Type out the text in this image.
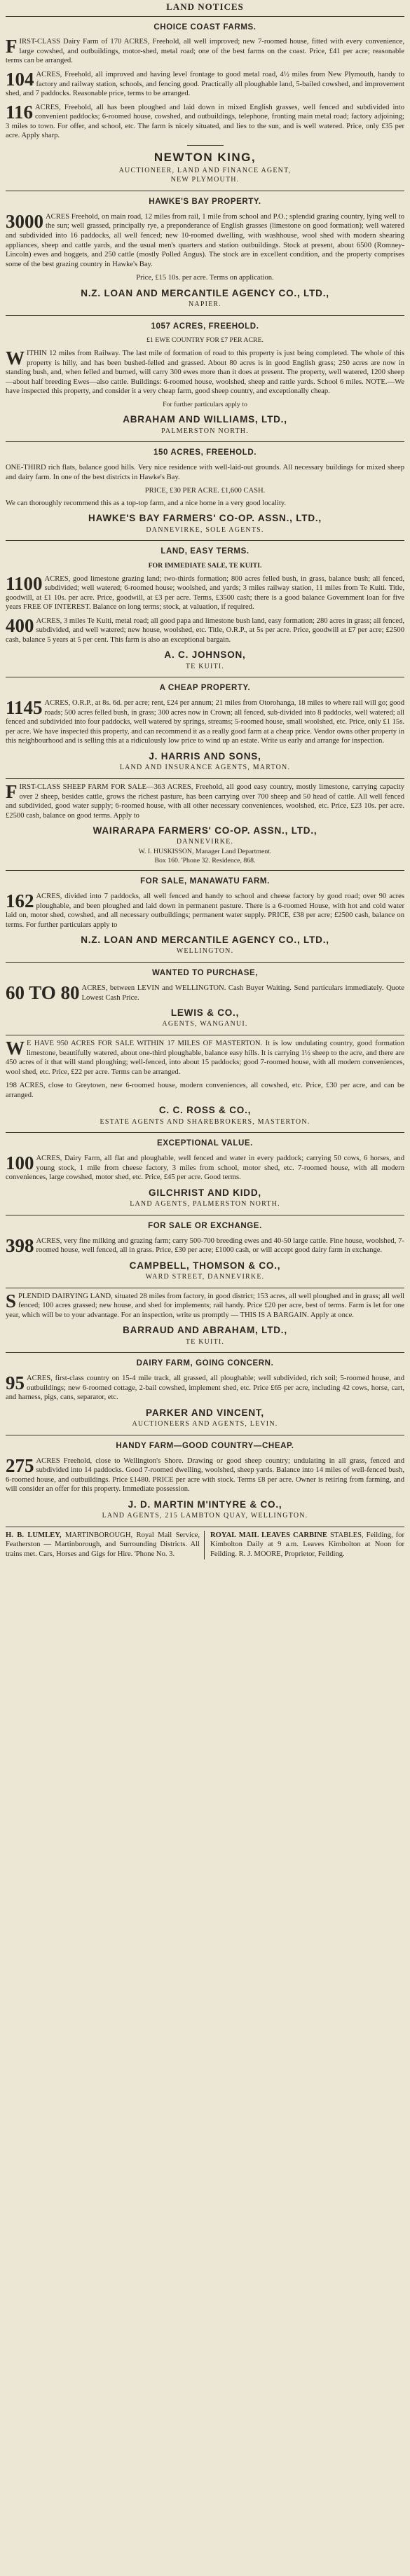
LAND NOTICES
CHOICE COAST FARMS.
FIRST-CLASS Dairy Farm of 170 ACRES, Freehold, all well improved; new 7-roomed house, fitted with every convenience, large cowshed, and outbuildings, motor-shed, metal road; one of the best farms on the coast. Price, £41 per acre; reasonable terms can be arranged.
104 ACRES, Freehold, all improved and having level frontage to good metal road, 4½ miles from New Plymouth, handy to factory and railway station, schools, and fencing good. Practically all ploughable land, 5-bailed cowshed, and improvement shed, and 7 paddocks. Reasonable price, terms to be arranged.
116 ACRES, Freehold, all has been ploughed and laid down in mixed English grasses, well fenced and subdivided into convenient paddocks; 6-roomed house, cowshed, and outbuildings, telephone, fronting main metal road; factory adjoining; 3 miles to town. For offer, and school, etc. The farm is nicely situated, and lies to the sun, and is well watered. Price, only £35 per acre. Apply sharp.
NEWTON KING,
AUCTIONEER, LAND AND FINANCE AGENT,
NEW PLYMOUTH.
HAWKE'S BAY PROPERTY.
3000 ACRES Freehold, on main road, 12 miles from rail, 1 mile from school and P.O.; splendid grazing country, lying well to the sun; well grassed, principally rye, a preponderance of English grasses (limestone on good formation); well watered and subdivided into 16 paddocks, all well fenced; new 10-roomed dwelling, with washhouse, wool shed with modern shearing appliances, sheep and cattle yards, and the usual men's quarters and station outbuildings. Stock at present, about 6500 (Romney-Lincoln) ewes and hoggets, and 250 cattle (mostly Polled Angus). The stock are in excellent condition, and the property comprises some of the best grazing country in Hawke's Bay.
Price, £15 10s. per acre. Terms on application.
N.Z. LOAN AND MERCANTILE AGENCY CO., LTD.,
NAPIER.
1057 ACRES, FREEHOLD.
£1 EWE COUNTRY FOR £7 PER ACRE.
WITHIN 12 miles from Railway. The last mile of formation of road to this property is just being completed. The whole of this property is hilly, and has been bushed-felled and grassed. About 80 acres is in good English grass; 250 acres are now in standing bush, and, when felled and burned, will carry 300 ewes more than it does at present. The property, well watered, 1200 sheep—about half breeding Ewes—also cattle. Buildings: 6-roomed house, woolshed, sheep and rattle yards. School 6 miles. NOTE.—We have inspected this property, and consider it a very cheap farm, good sheep country, and exceptionally cheap.
For further particulars apply to
ABRAHAM AND WILLIAMS, LTD.,
PALMERSTON NORTH.
150 ACRES, FREEHOLD.
ONE-THIRD rich flats, balance good hills. Very nice residence with well-laid-out grounds. All necessary buildings for mixed sheep and dairy farm. In one of the best districts in Hawke's Bay.
PRICE, £30 PER ACRE. £1,600 CASH.
We can thoroughly recommend this as a top-top farm, and a nice home in a very good locality.
HAWKE'S BAY FARMERS' CO-OP. ASSN., LTD.,
DANNEVIRKE, SOLE AGENTS.
LAND, EASY TERMS.
FOR IMMEDIATE SALE, TE KUITI.
1100 ACRES, good limestone grazing land; two-thirds formation; 800 acres felled bush, in grass, balance bush; all fenced, subdivided; well watered; 6-roomed house; woolshed, and yards; 3 miles railway station, 11 miles from Te Kuiti. Title, goodwill, at £1 10s. per acre. Price, goodwill, at £3 per acre. Terms, £3500 cash; there is a good balance Government loan for five years FREE OF INTEREST. Balance on long terms; stock, at valuation, if required.
400 ACRES, 3 miles Te Kuiti, metal road; all good papa and limestone bush land, easy formation; 280 acres in grass; all fenced, subdivided, and well watered; new house, woolshed, etc. Title, O.R.P., at 5s per acre. Price, goodwill at £7 per acre; £2500 cash, balance 5 years at 5 per cent. This farm is also an exceptional bargain.
A. C. JOHNSON,
TE KUITI.
A CHEAP PROPERTY.
1145 ACRES, O.R.P., at 8s. 6d. per acre; rent, £24 per annum; 21 miles from Otorohanga, 18 miles to where rail will go; good roads; 500 acres felled bush, in grass; 300 acres now in Crown; all fenced, sub-divided into 8 paddocks, well watered; all fenced and subdivided into four paddocks, well watered by springs, streams; 5-roomed house, small woolshed, etc. Price, only £1 15s. per acre. We have inspected this property, and can recommend it as a really good farm at a cheap price. Vendor owns other property in this neighbourhood and is selling this at a ridiculously low price to wind up an estate. Write us early and arrange for inspection.
J. HARRIS AND SONS,
LAND AND INSURANCE AGENTS, MARTON.
FIRST-CLASS SHEEP FARM FOR SALE—363 ACRES, Freehold, all good easy country, mostly limestone, carrying capacity over 2 sheep, besides cattle, grows the richest pasture, has been carrying over 700 sheep and 50 head of cattle. All well fenced and subdivided, good water supply; 6-roomed house, with all other necessary conveniences, woolshed, etc. Price, £23 10s. per acre. £2500 cash, balance on good terms. Apply to
WAIRARAPA FARMERS' CO-OP. ASSN., LTD.,
DANNEVIRKE.
W. I. HUSKISSON, Manager Land Department.
Box 160. 'Phone 32. Residence, 868.
FOR SALE, MANAWATU FARM.
162 ACRES, divided into 7 paddocks, all well fenced and handy to school and cheese factory by good road; over 90 acres ploughable, and been ploughed and laid down in permanent pasture. There is a 6-roomed House, with hot and cold water laid on, motor shed, cowshed, and all necessary outbuildings; permanent water supply. PRICE, £38 per acre; £2500 cash, balance on terms. For further particulars apply to
N.Z. LOAN AND MERCANTILE AGENCY CO., LTD.,
WELLINGTON.
WANTED TO PURCHASE,
60 TO 80 ACRES, between LEVIN and WELLINGTON. Cash Buyer Waiting. Send particulars immediately. Quote Lowest Cash Price.
LEWIS & CO.,
AGENTS, WANGANUI.
W E HAVE 950 ACRES FOR SALE WITHIN 17 MILES OF MASTERTON. It is low undulating country, good formation limestone, beautifully watered, about one-third ploughable, balance easy hills. It is carrying 1½ sheep to the acre, and there are 450 acres of it that will stand ploughing; well-fenced, into about 15 paddocks; good 7-roomed house, with all modern conveniences, wool shed, etc. Price, £22 per acre. Terms can be arranged.
198 ACRES, close to Greytown, new 6-roomed house, modern conveniences, all cowshed, etc. Price, £30 per acre, and can be arranged.
C. C. ROSS & CO.,
ESTATE AGENTS AND SHAREBROKERS, MASTERTON.
EXCEPTIONAL VALUE.
100 ACRES, Dairy Farm, all flat and ploughable, well fenced and water in every paddock; carrying 50 cows, 6 horses, and young stock, 1 mile from cheese factory, 3 miles from school, motor shed, etc. 7-roomed house, with all modern conveniences, large cowshed, motor shed, etc. Price, £45 per acre. Good terms.
GILCHRIST AND KIDD,
LAND AGENTS, PALMERSTON NORTH.
FOR SALE OR EXCHANGE.
398 ACRES, very fine milking and grazing farm; carry 500-700 breeding ewes and 40-50 large cattle. Fine house, woolshed, 7-roomed house, well fenced, all in grass. Price, £30 per acre; £1000 cash, or will accept good dairy farm in exchange.
CAMPBELL, THOMSON & CO.,
WARD STREET, DANNEVIRKE.
SPLENDID DAIRYING LAND, situated 28 miles from factory, in good district; 153 acres, all well ploughed and in grass; all well fenced; 100 acres grassed; new house, and shed for implements; rail handy. Price £20 per acre, best of terms. Farm is let for one year, which will be to your advantage. For an inspection, write us promptly — THIS IS A BARGAIN. Apply at once.
BARRAUD AND ABRAHAM, LTD.,
TE KUITI.
DAIRY FARM, GOING CONCERN.
95 ACRES, first-class country on 15-4 mile track, all grassed, all ploughable; well subdivided, rich soil; 5-roomed house, and outbuildings; new 6-roomed cottage, 2-bail cowshed, implement shed, etc. Price £65 per acre, including 42 cows, horse, cart, and harness, pigs, cans, separator, etc.
PARKER AND VINCENT,
AUCTIONEERS AND AGENTS, LEVIN.
HANDY FARM—GOOD COUNTRY—CHEAP.
275 ACRES Freehold, close to Wellington's Shore. Drawing or good sheep country; undulating in all grass, fenced and subdivided into 14 paddocks. Good 7-roomed dwelling, woolshed, sheep yards. Balance into 14 miles of well-fenced bush, 6-roomed house, and outbuildings. Price £1480. PRICE per acre with stock. Terms £8 per acre. Owner is retiring from farming, and will consider an offer for this property. Immediate possession.
J. D. MARTIN M'INTYRE & CO.,
LAND AGENTS, 215 LAMBTON QUAY, WELLINGTON.
H. B. LUMLEY, MARTINBOROUGH, Royal Mail Service, Featherston — Martinborough, and Surrounding Districts. All trains met. Cars, Horses and Gigs for Hire. 'Phone No. 3.
ROYAL MAIL LEAVES CARBINE STABLES, Feilding, for Kimbolton Daily at 9 a.m. Leaves Kimbolton at Noon for Feilding. R. J. MOORE, Proprietor, Feilding.
